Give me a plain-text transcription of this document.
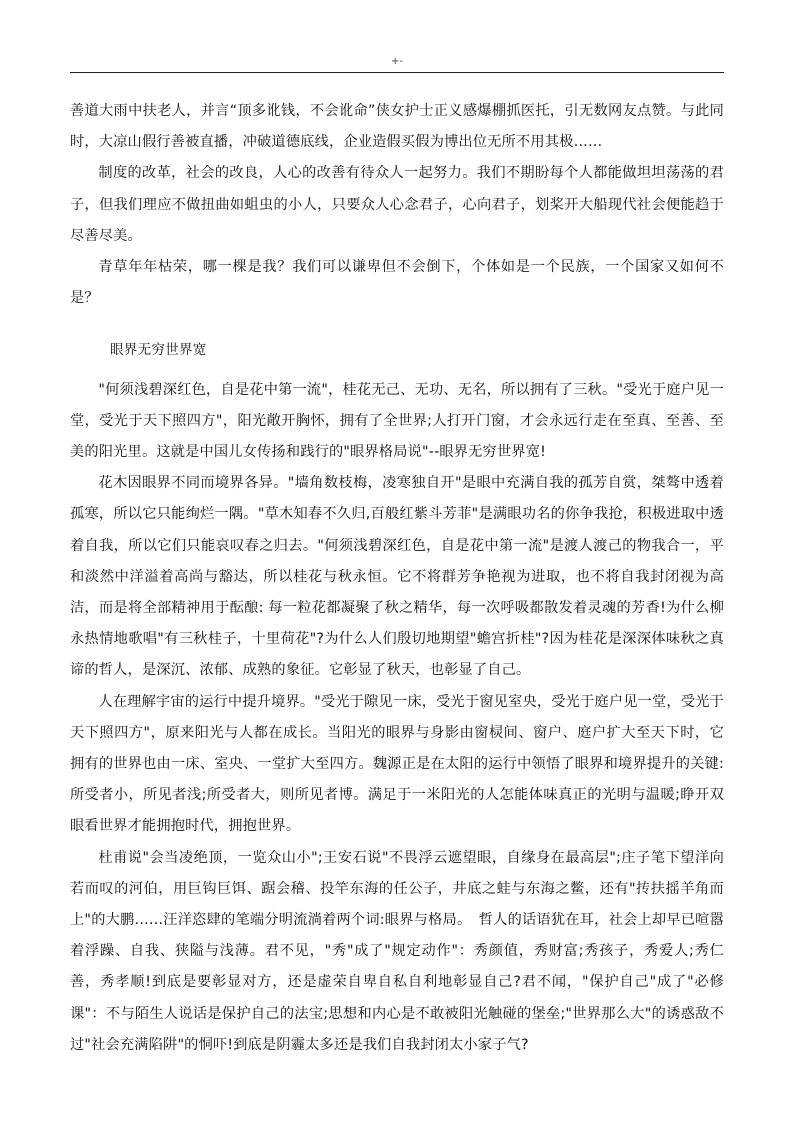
+-

善道大雨中扶老人，并言“顶多讹钱，不会讹命”侠女护士正义感爆棚抓医托，引无数网友点赞。与此同时，大凉山假行善被直播，冲破道德底线，企业造假买假为博出位无所不用其极……

制度的改革，社会的改良，人心的改善有待众人一起努力。我们不期盼每个人都能做坦坦荡荡的君子，但我们理应不做扭曲如蛆虫的小人，只要众人心念君子，心向君子，划桨开大船现代社会便能趋于尽善尽美。

青草年年枯荣，哪一棵是我？我们可以谦卑但不会倒下，个体如是一个民族，一个国家又如何不是？

眼界无穷世界宽

"何须浅碧深红色，自是花中第一流"，桂花无己、无功、无名，所以拥有了三秋。"受光于庭户见一堂，受光于天下照四方"，阳光敞开胸怀，拥有了全世界;人打开门窗，才会永远行走在至真、至善、至美的阳光里。这就是中国儿女传扬和践行的"眼界格局说"--眼界无穷世界宽!

花木因眼界不同而境界各异。"墙角数枝梅，凌寒独自开"是眼中充满自我的孤芳自赏，桀骜中透着孤寒，所以它只能绚烂一隅。"草木知春不久归,百般红紫斗芳菲"是满眼功名的你争我抢，积极进取中透着自我，所以它们只能哀叹春之归去。"何须浅碧深红色，自是花中第一流"是渡人渡己的物我合一，平和淡然中洋溢着高尚与豁达，所以桂花与秋永恒。它不将群芳争艳视为进取，也不将自我封闭视为高洁，而是将全部精神用于酝酿: 每一粒花都凝聚了秋之精华，每一次呼吸都散发着灵魂的芳香!为什么柳永热情地歌唱"有三秋桂子，十里荷花"?为什么人们殷切地期望"蟾宫折桂"?因为桂花是深深体味秋之真谛的哲人，是深沉、浓郁、成熟的象征。它彰显了秋天，也彰显了自己。

人在理解宇宙的运行中提升境界。"受光于隙见一床，受光于窗见室央，受光于庭户见一堂，受光于天下照四方"，原来阳光与人都在成长。当阳光的眼界与身影由窗棂间、窗户、庭户扩大至天下时，它拥有的世界也由一床、室央、一堂扩大至四方。魏源正是在太阳的运行中领悟了眼界和境界提升的关键: 所受者小，所见者浅;所受者大，则所见者博。满足于一米阳光的人怎能体味真正的光明与温暖;睁开双眼看世界才能拥抱时代，拥抱世界。

杜甫说"会当凌绝顶，一览众山小";王安石说"不畏浮云遮望眼，自缘身在最高层";庄子笔下望洋向若而叹的河伯，用巨钩巨饵、踞会稽、投竿东海的任公子，井底之蛙与东海之鳖，还有"抟扶摇羊角而上"的大鹏……汪洋恣肆的笔端分明流淌着两个词:眼界与格局。　哲人的话语犹在耳，社会上却早已喧嚣着浮躁、自我、狭隘与浅薄。君不见，"秀"成了"规定动作"：秀颜值，秀财富;秀孩子，秀爱人;秀仁善，秀孝顺!到底是要彰显对方，还是虚荣自卑自私自利地彰显自己?君不闻，"保护自己"成了"必修课"：不与陌生人说话是保护自己的法宝;思想和内心是不敢被阳光触碰的堡垒;"世界那么大"的诱惑敌不过"社会充满陷阱"的恫吓!到底是阴霾太多还是我们自我封闭太小家子气?
